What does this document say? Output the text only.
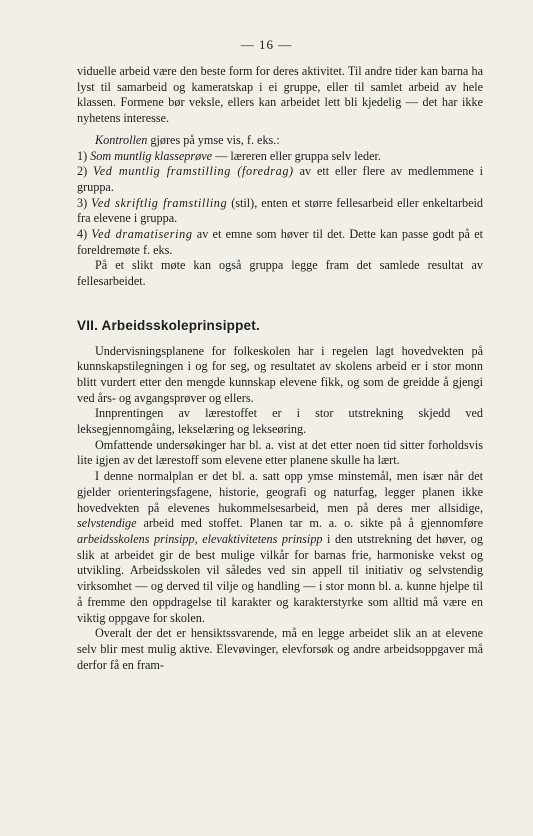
— 16 —

viduelle arbeid være den beste form for deres aktivitet. Til andre tider kan barna ha lyst til samarbeid og kameratskap i ei gruppe, eller til samlet arbeid av hele klassen. Formene bør veksle, ellers kan arbeidet lett bli kjedelig — det har ikke nyhetens interesse.

Kontrollen gjøres på ymse vis, f. eks.:

1) Som muntlig klasseprøve — læreren eller gruppa selv leder.

2) Ved muntlig framstilling (foredrag) av ett eller flere av medlemmene i gruppa.

3) Ved skriftlig framstilling (stil), enten et større fellesarbeid eller enkeltarbeid fra elevene i gruppa.

4) Ved dramatisering av et emne som høver til det. Dette kan passe godt på et foreldremøte f. eks.

På et slikt møte kan også gruppa legge fram det samlede resultat av fellesarbeidet.

VII. Arbeidsskoleprinsippet.

Undervisningsplanene for folkeskolen har i regelen lagt hovedvekten på kunnskapstilegningen i og for seg, og resultatet av skolens arbeid er i stor monn blitt vurdert etter den mengde kunnskap elevene fikk, og som de greidde å gjengi ved års- og avgangsprøver og ellers.

Innprentingen av lærestoffet er i stor utstrekning skjedd ved leksegjennomgåing, lekselæring og lekseøring.

Omfattende undersøkinger har bl. a. vist at det etter noen tid sitter forholdsvis lite igjen av det lærestoff som elevene etter planene skulle ha lært.

I denne normalplan er det bl. a. satt opp ymse minstemål, men især når det gjelder orienteringsfagene, historie, geografi og naturfag, legger planen ikke hovedvekten på elevenes hukommelsesarbeid, men på deres mer allsidige, selvstendige arbeid med stoffet. Planen tar m. a. o. sikte på å gjennomføre arbeidsskolens prinsipp, elevaktivitetens prinsipp i den utstrekning det høver, og slik at arbeidet gir de best mulige vilkår for barnas frie, harmoniske vekst og utvikling. Arbeidsskolen vil således ved sin appell til initiativ og selvstendig virksomhet — og derved til vilje og handling — i stor monn bl. a. kunne hjelpe til å fremme den oppdragelse til karakter og karakterstyrke som alltid må være en viktig oppgave for skolen.

Overalt der det er hensiktssvarende, må en legge arbeidet slik an at elevene selv blir mest mulig aktive. Elevøvinger, elevforsøk og andre arbeidsoppgaver må derfor få en fram-
